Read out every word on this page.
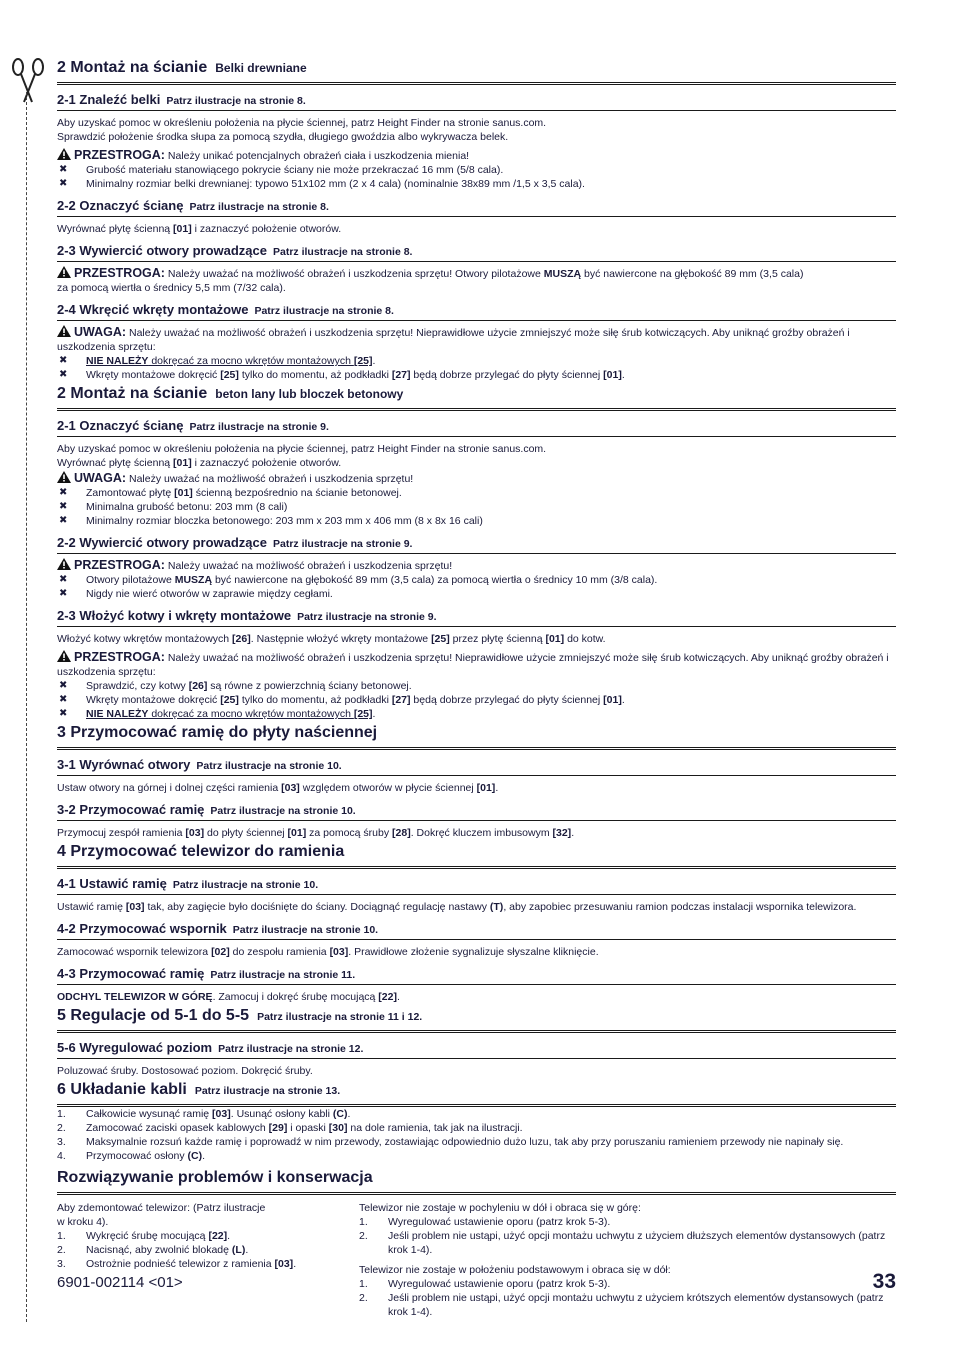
2 Montaż na ścianie Belki drewniane
2-1 Znaleźć belki Patrz ilustracje na stronie 8.

Aby uzyskać pomoc w określeniu położenia na płycie ściennej, patrz Height Finder na stronie sanus.com.

Sprawdzić położenie środka słupa za pomocą szydła, długiego gwoździa albo wykrywacza belek.

PRZESTROGA: Należy unikać potencjalnych obrażeń ciała i uszkodzenia mienia!
✖ Grubość materiału stanowiącego pokrycie ściany nie może przekraczać 16 mm (5/8 cala).
✖ Minimalny rozmiar belki drewnianej: typowo 51x102 mm (2 x 4 cala) (nominalnie 38x89 mm /1,5 x 3,5 cala).
2-2 Oznaczyć ścianę Patrz ilustracje na stronie 8.

Wyrównać płytę ścienną [01] i zaznaczyć położenie otworów.

2-3 Wywiercić otwory prowadzące Patrz ilustracje na stronie 8.
PRZESTROGA: Należy uważać na możliwość obrażeń i uszkodzenia sprzętu! Otwory pilotażowe MUSZĄ być nawiercone na głębokość 89 mm (3,5 cala)
za pomocą wiertła o średnicy 5,5 mm (7/32 cala).
2-4 Wkręcić wkręty montażowe Patrz ilustracje na stronie 8.
UWAGA: Należy uważać na możliwość obrażeń i uszkodzenia sprzętu! Nieprawidłowe użycie zmniejszyć może siłę śrub kotwiczących. Aby uniknąć groźby obrażeń i uszkodzenia sprzętu:
✖ NIE NALEŻY dokręcać za mocno wkrętów montażowych [25].
✖ Wkręty montażowe dokręcić [25] tylko do momentu, aż podkładki [27] będą dobrze przylegać do płyty ściennej [01].
2 Montaż na ścianie beton lany lub bloczek betonowy
2-1 Oznaczyć ścianę Patrz ilustracje na stronie 9.

Aby uzyskać pomoc w określeniu położenia na płycie ściennej, patrz Height Finder na stronie sanus.com.

Wyrównać płytę ścienną [01] i zaznaczyć położenie otworów.

UWAGA: Należy uważać na możliwość obrażeń i uszkodzenia sprzętu!
✖ Zamontować płytę [01] ścienną bezpośrednio na ścianie betonowej.
✖ Minimalna grubość betonu: 203 mm (8 cali)
✖ Minimalny rozmiar bloczka betonowego: 203 mm x 203 mm x 406 mm (8 x 8x 16 cali)
2-2 Wywiercić otwory prowadzące Patrz ilustracje na stronie 9.
PRZESTROGA: Należy uważać na możliwość obrażeń i uszkodzenia sprzętu!
✖ Otwory pilotażowe MUSZĄ być nawiercone na głębokość 89 mm (3,5 cala) za pomocą wiertła o średnicy 10 mm (3/8 cala).
✖ Nigdy nie wierć otworów w zaprawie między cegłami.
2-3 Włożyć kotwy i wkręty montażowe Patrz ilustracje na stronie 9.

Włożyć kotwy wkrętów montażowych [26]. Następnie włożyć wkręty montażowe [25] przez płytę ścienną [01] do kotw.

PRZESTROGA: Należy uważać na możliwość obrażeń i uszkodzenia sprzętu! Nieprawidłowe użycie zmniejszyć może siłę śrub kotwiczących. Aby uniknąć groźby obrażeń i uszkodzenia sprzętu:
✖ Sprawdzić, czy kotwy [26] są równe z powierzchnią ściany betonowej.
✖ Wkręty montażowe dokręcić [25] tylko do momentu, aż podkładki [27] będą dobrze przylegać do płyty ściennej [01].
✖ NIE NALEŻY dokręcać za mocno wkrętów montażowych [25].
3 Przymocować ramię do płyty naściennej
3-1 Wyrównać otwory Patrz ilustracje na stronie 10.

Ustaw otwory na górnej i dolnej części ramienia [03] względem otworów w płycie ściennej [01].

3-2 Przymocować ramię Patrz ilustracje na stronie 10.

Przymocuj zespół ramienia [03] do płyty ściennej [01] za pomocą śruby [28]. Dokręć kluczem imbusowym [32].

4 Przymocować telewizor do ramienia
4-1 Ustawić ramię Patrz ilustracje na stronie 10.

Ustawić ramię [03] tak, aby zagięcie było dociśnięte do ściany. Dociągnąć regulację nastawy (T), aby zapobiec przesuwaniu ramion podczas instalacji wspornika telewizora.

4-2 Przymocować wspornik Patrz ilustracje na stronie 10.

Zamocować wspornik telewizora [02] do zespołu ramienia [03]. Prawidłowe złożenie sygnalizuje słyszalne kliknięcie.

4-3 Przymocować ramię Patrz ilustracje na stronie 11.

ODCHYL TELEWIZOR W GÓRĘ. Zamocuj i dokręć śrubę mocującą [22].

5 Regulacje od 5-1 do 5-5 Patrz ilustracje na stronie 11 i 12.
5-6 Wyregulować poziom Patrz ilustracje na stronie 12.

Poluzować śruby. Dostosować poziom. Dokręcić śruby.

6 Układanie kabli Patrz ilustracje na stronie 13.
1. Całkowicie wysunąć ramię [03]. Usunąć osłony kabli (C).
2. Zamocować zaciski opasek kablowych [29] i opaski [30] na dole ramienia, tak jak na ilustracji.
3. Maksymalnie rozsuń każde ramię i poprowadź w nim przewody, zostawiając odpowiednio dużo luzu, tak aby przy poruszaniu ramieniem przewody nie napinały się.
4. Przymocować osłony (C).
Rozwiązywanie problemów i konserwacja

Aby zdemontować telewizor: (Patrz ilustracje

w kroku 4).

1. Wykręcić śrubę mocującą [22].
2. Nacisnąć, aby zwolnić blokadę (L).
3. Ostrożnie podnieść telewizor z ramienia [03].

Telewizor nie zostaje w pochyleniu w dół i obraca się w górę:

1. Wyregulować ustawienie oporu (patrz krok 5-3).
2. Jeśli problem nie ustąpi, użyć opcji montażu uchwytu z użyciem dłuższych elementów dystansowych (patrz krok 1-4).

Telewizor nie zostaje w położeniu podstawowym i obraca się w dół:

1. Wyregulować ustawienie oporu (patrz krok 5-3).
2. Jeśli problem nie ustąpi, użyć opcji montażu uchwytu z użyciem krótszych elementów dystansowych (patrz krok 1-4).
6901-002114 <01>	33
